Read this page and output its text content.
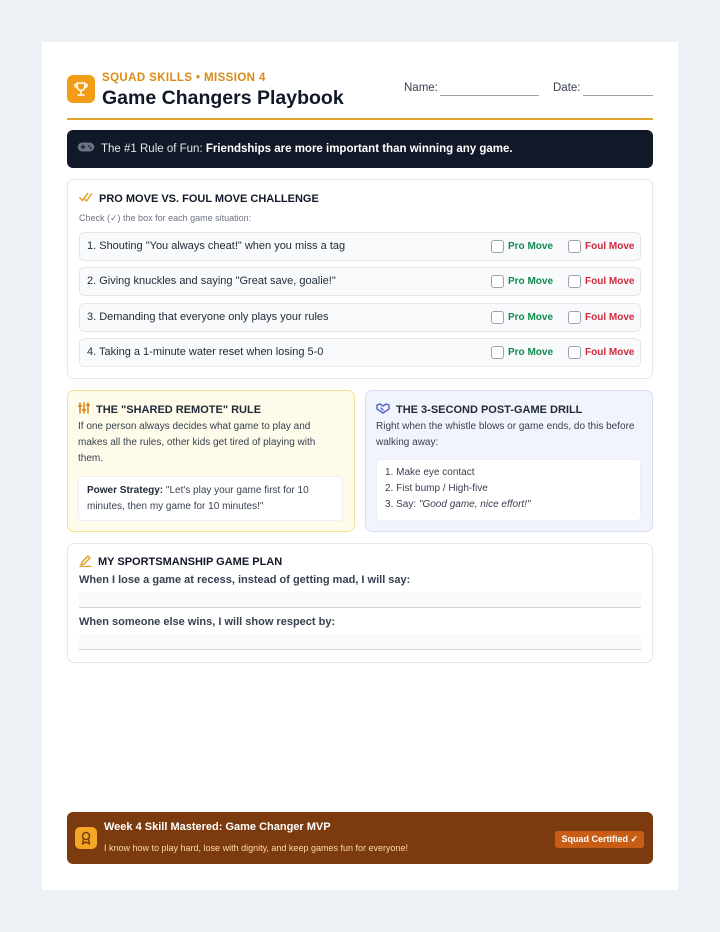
SQUAD SKILLS • MISSION 4
Game Changers Playbook	Name:	Date:
The #1 Rule of Fun: Friendships are more important than winning any game.
PRO MOVE VS. FOUL MOVE CHALLENGE
Check (✓) the box for each game situation:
1. Shouting "You always cheat!" when you miss a tag	Pro Move	Foul Move
2. Giving knuckles and saying "Great save, goalie!"	Pro Move	Foul Move
3. Demanding that everyone only plays your rules	Pro Move	Foul Move
4. Taking a 1-minute water reset when losing 5-0	Pro Move	Foul Move
THE "SHARED REMOTE" RULE
If one person always decides what game to play and makes all the rules, other kids get tired of playing with them.
Power Strategy: "Let's play your game first for 10 minutes, then my game for 10 minutes!"
THE 3-SECOND POST-GAME DRILL
Right when the whistle blows or game ends, do this before walking away:
1. Make eye contact
2. Fist bump / High-five
3. Say: "Good game, nice effort!"
MY SPORTSMANSHIP GAME PLAN
When I lose a game at recess, instead of getting mad, I will say:
When someone else wins, I will show respect by:
Week 4 Skill Mastered: Game Changer MVP
I know how to play hard, lose with dignity, and keep games fun for everyone!
Squad Certified ✓
